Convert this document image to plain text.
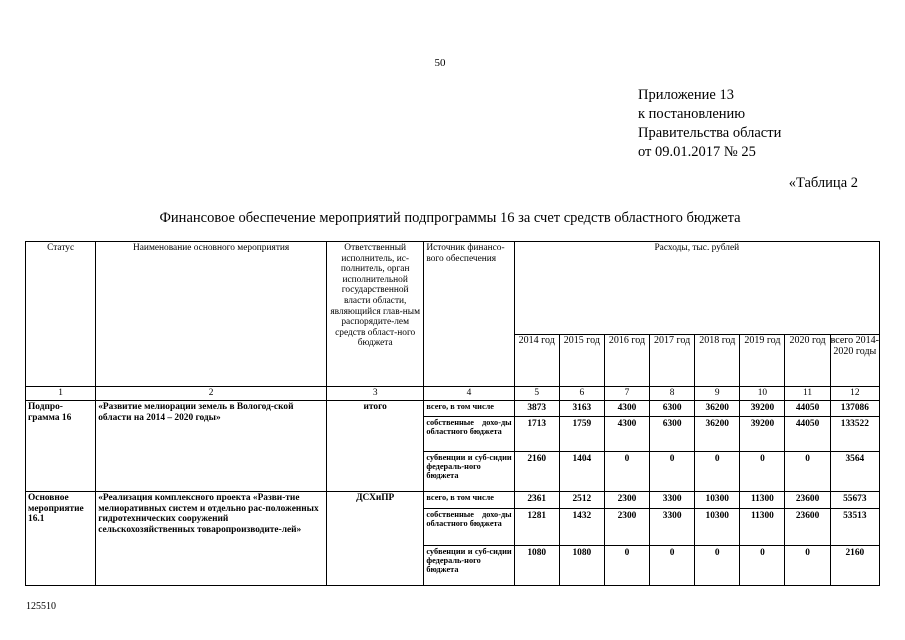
50
Приложение 13
к постановлению
Правительства области
от 09.01.2017 № 25
«Таблица 2
Финансовое обеспечение мероприятий подпрограммы 16 за счет средств областного бюджета
Статус	Наименование основного мероприятия	Ответственный исполнитель, ис-полнитель, орган исполнительной государственной власти области, являющийся глав-ным распорядите-лем средств област-ного бюджета	Источник финансо-вого обеспечения	Расходы, тыс. рублей							
				2014 год	2015 год	2016 год	2017 год	2018 год	2019 год	2020 год	всего 2014-2020 годы
1	2	3	4	5	6	7	8	9	10	11	12
Подпро-грамма 16	«Развитие мелиорации земель в Вологод-ской области на 2014 – 2020 годы»	итого	всего, в том числе	3873	3163	4300	6300	36200	39200	44050	137086
			собственные дохо-ды областного бюджета	1713	1759	4300	6300	36200	39200	44050	133522
			субвенции и суб-сидии федераль-ного бюджета	2160	1404	0	0	0	0	0	3564
Основное мероприятие 16.1	«Реализация комплексного проекта «Разви-тие мелиоративных систем и отдельно рас-положенных гидротехнических сооружений сельскохозяйственных товаропроизводите-лей»	ДСХиПР	всего, в том числе	2361	2512	2300	3300	10300	11300	23600	55673
			собственные дохо-ды областного бюджета	1281	1432	2300	3300	10300	11300	23600	53513
			субвенции и суб-сидии федераль-ного бюджета	1080	1080	0	0	0	0	0	2160
125510
